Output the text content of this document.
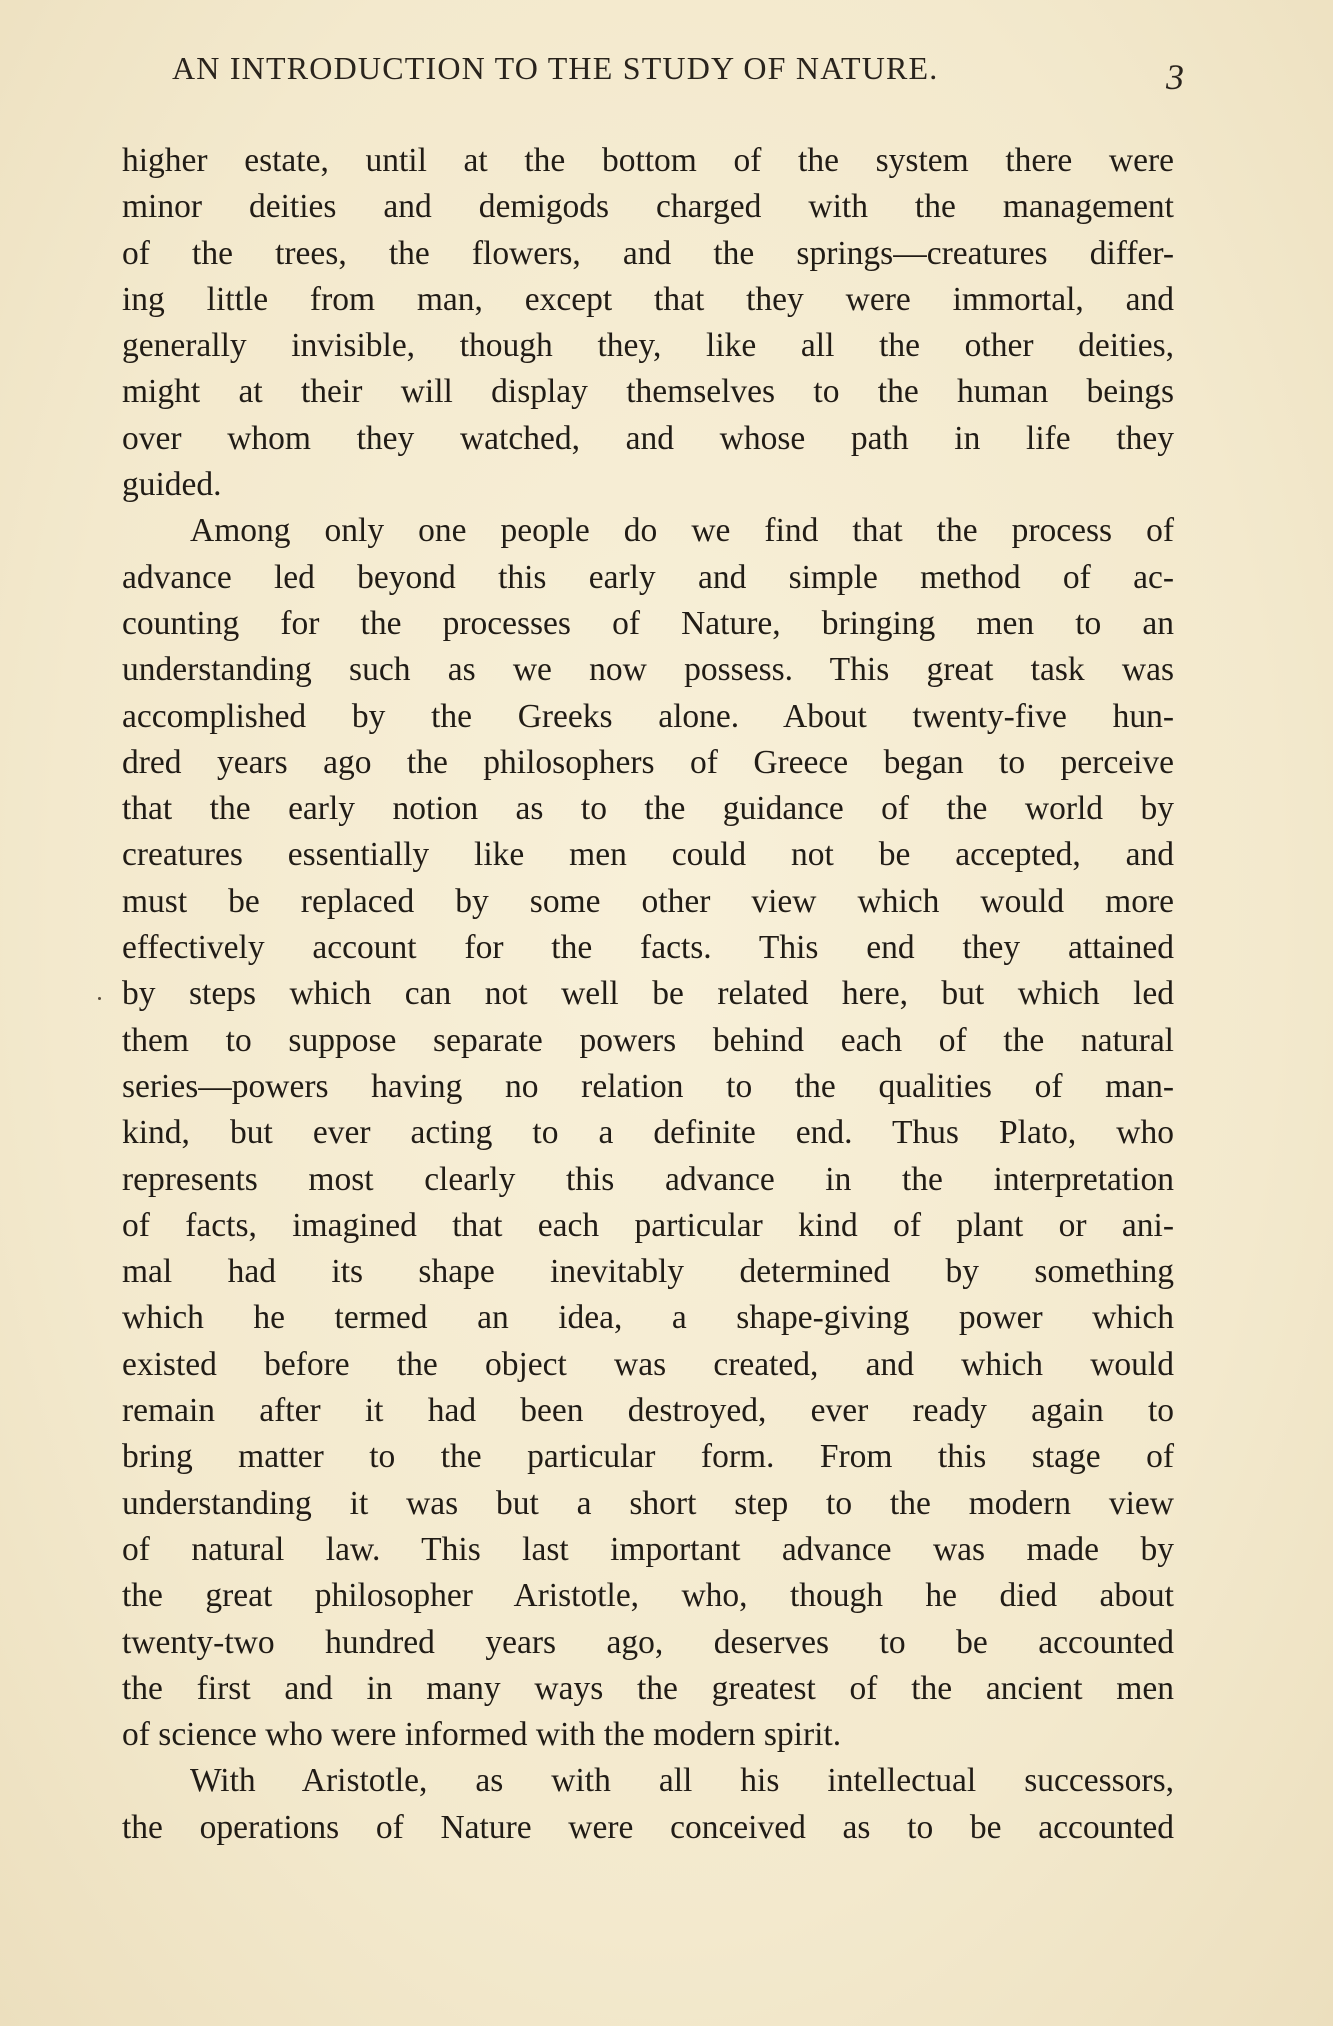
AN INTRODUCTION TO THE STUDY OF NATURE.	3
higher estate, until at the bottom of the system there were
minor deities and demigods charged with the management
of the trees, the flowers, and the springs—creatures differ-
ing little from man, except that they were immortal, and
generally invisible, though they, like all the other deities,
might at their will display themselves to the human beings
over whom they watched, and whose path in life they
guided.
Among only one people do we find that the process of
advance led beyond this early and simple method of ac-
counting for the processes of Nature, bringing men to an
understanding such as we now possess. This great task was
accomplished by the Greeks alone. About twenty-five hun-
dred years ago the philosophers of Greece began to perceive
that the early notion as to the guidance of the world by
creatures essentially like men could not be accepted, and
must be replaced by some other view which would more
effectively account for the facts. This end they attained
by steps which can not well be related here, but which led
them to suppose separate powers behind each of the natural
series—powers having no relation to the qualities of man-
kind, but ever acting to a definite end. Thus Plato, who
represents most clearly this advance in the interpretation
of facts, imagined that each particular kind of plant or ani-
mal had its shape inevitably determined by something
which he termed an idea, a shape-giving power which
existed before the object was created, and which would
remain after it had been destroyed, ever ready again to
bring matter to the particular form. From this stage of
understanding it was but a short step to the modern view
of natural law. This last important advance was made by
the great philosopher Aristotle, who, though he died about
twenty-two hundred years ago, deserves to be accounted
the first and in many ways the greatest of the ancient men
of science who were informed with the modern spirit.
With Aristotle, as with all his intellectual successors,
the operations of Nature were conceived as to be accounted
